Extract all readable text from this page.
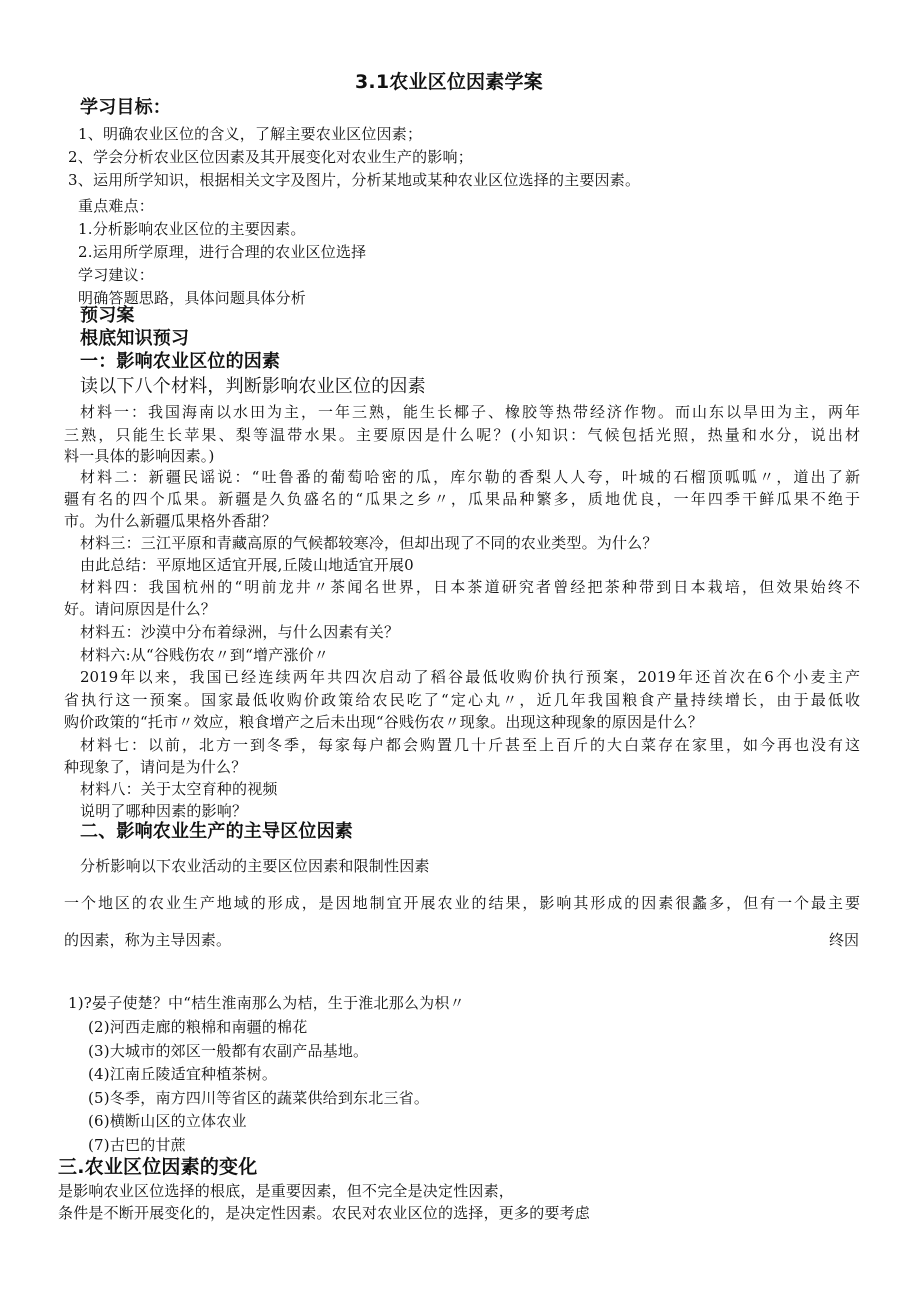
3.1农业区位因素学案
学习目标：
1、明确农业区位的含义，了解主要农业区位因素；
2、学会分析农业区位因素及其开展变化对农业生产的影响；
3、运用所学知识，根据相关文字及图片，分析某地或某种农业区位选择的主要因素。
重点难点：
1.分析影响农业区位的主要因素。
2.运用所学原理，进行合理的农业区位选择
学习建议：
明确答题思路，具体问题具体分析
预习案
根底知识预习
一：影响农业区位的因素
读以下八个材料，判断影响农业区位的因素
材料一：我国海南以水田为主，一年三熟，能生长椰子、橡胶等热带经济作物。而山东以旱田为主，两年
三熟，只能生长苹果、梨等温带水果。主要原因是什么呢？(小知识：气候包括光照，热量和水分，说出材
料一具体的影响因素。)
材料二：新疆民谣说：“吐鲁番的葡萄哈密的瓜，库尔勒的香梨人人夸，叶城的石榴顶呱呱〃，道出了新
疆有名的四个瓜果。新疆是久负盛名的“瓜果之乡〃，瓜果品种繁多，质地优良，一年四季干鲜瓜果不绝于
市。为什么新疆瓜果格外香甜？
材料三：三江平原和青藏高原的气候都较寒冷，但却出现了不同的农业类型。为什么？
由此总结：平原地区适宜开展,丘陵山地适宜开展0
材料四：我国杭州的“明前龙井〃茶闻名世界，日本茶道研究者曾经把茶种带到日本栽培，但效果始终不
好。请问原因是什么？
材料五：沙漠中分布着绿洲，与什么因素有关？
材料六:从“谷贱伤农〃到“增产涨价〃
2019年以来，我国已经连续两年共四次启动了稻谷最低收购价执行预案，2019年还首次在6个小麦主产
省执行这一预案。国家最低收购价政策给农民吃了“定心丸〃，近几年我国粮食产量持续增长，由于最低收
购价政策的“托市〃效应，粮食增产之后未出现“谷贱伤农〃现象。出现这种现象的原因是什么？
材料七：以前，北方一到冬季，每家每户都会购置几十斤甚至上百斤的大白菜存在家里，如今再也没有这
种现象了，请问是为什么？
材料八：关于太空育种的视频
说明了哪种因素的影响？
二、影响农业生产的主导区位因素
分析影响以下农业活动的主要区位因素和限制性因素
一个地区的农业生产地域的形成，是因地制宜开展农业的结果，影响其形成的因素很蠡多，但有一个最主要
的因素，称为主导因素。	终因
1)?晏子使楚？中“桔生淮南那么为桔，生于淮北那么为枳〃
(2)河西走廊的粮棉和南疆的棉花
(3)大城市的郊区一般都有农副产品基地。
(4)江南丘陵适宜种植茶树。
(5)冬季，南方四川等省区的蔬菜供给到东北三省。
(6)横断山区的立体农业
(7)古巴的甘蔗
三.农业区位因素的变化
是影响农业区位选择的根底，是重要因素，但不完全是决定性因素，
条件是不断开展变化的，是决定性因素。农民对农业区位的选择，更多的要考虑
